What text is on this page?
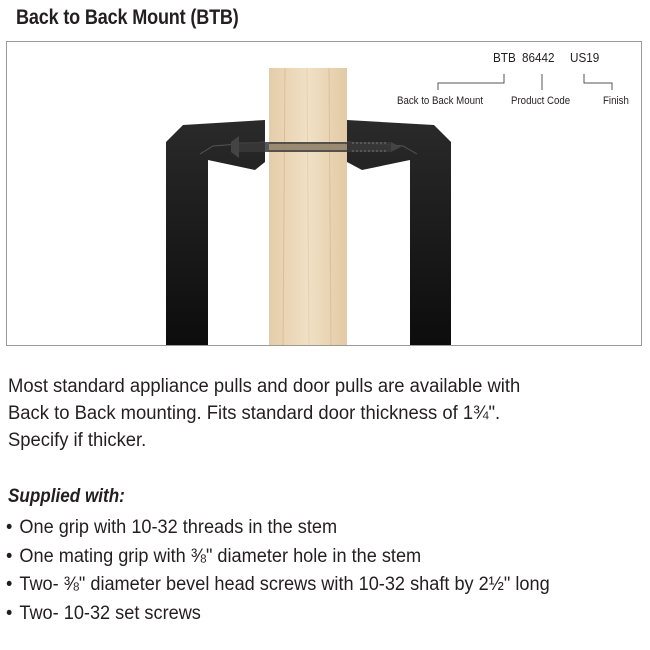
Back to Back Mount (BTB)
BTB 86442 US19
Back to Back Mount	Product Code	Finish
Most standard appliance pulls and door pulls are available with
Back to Back mounting. Fits standard door thickness of 1¾".
Specify if thicker.
Supplied with:
• One grip with 10-32 threads in the stem
• One mating grip with ⅜" diameter hole in the stem
• Two- ⅜" diameter bevel head screws with 10-32 shaft by 2½" long
• Two- 10-32 set screws
